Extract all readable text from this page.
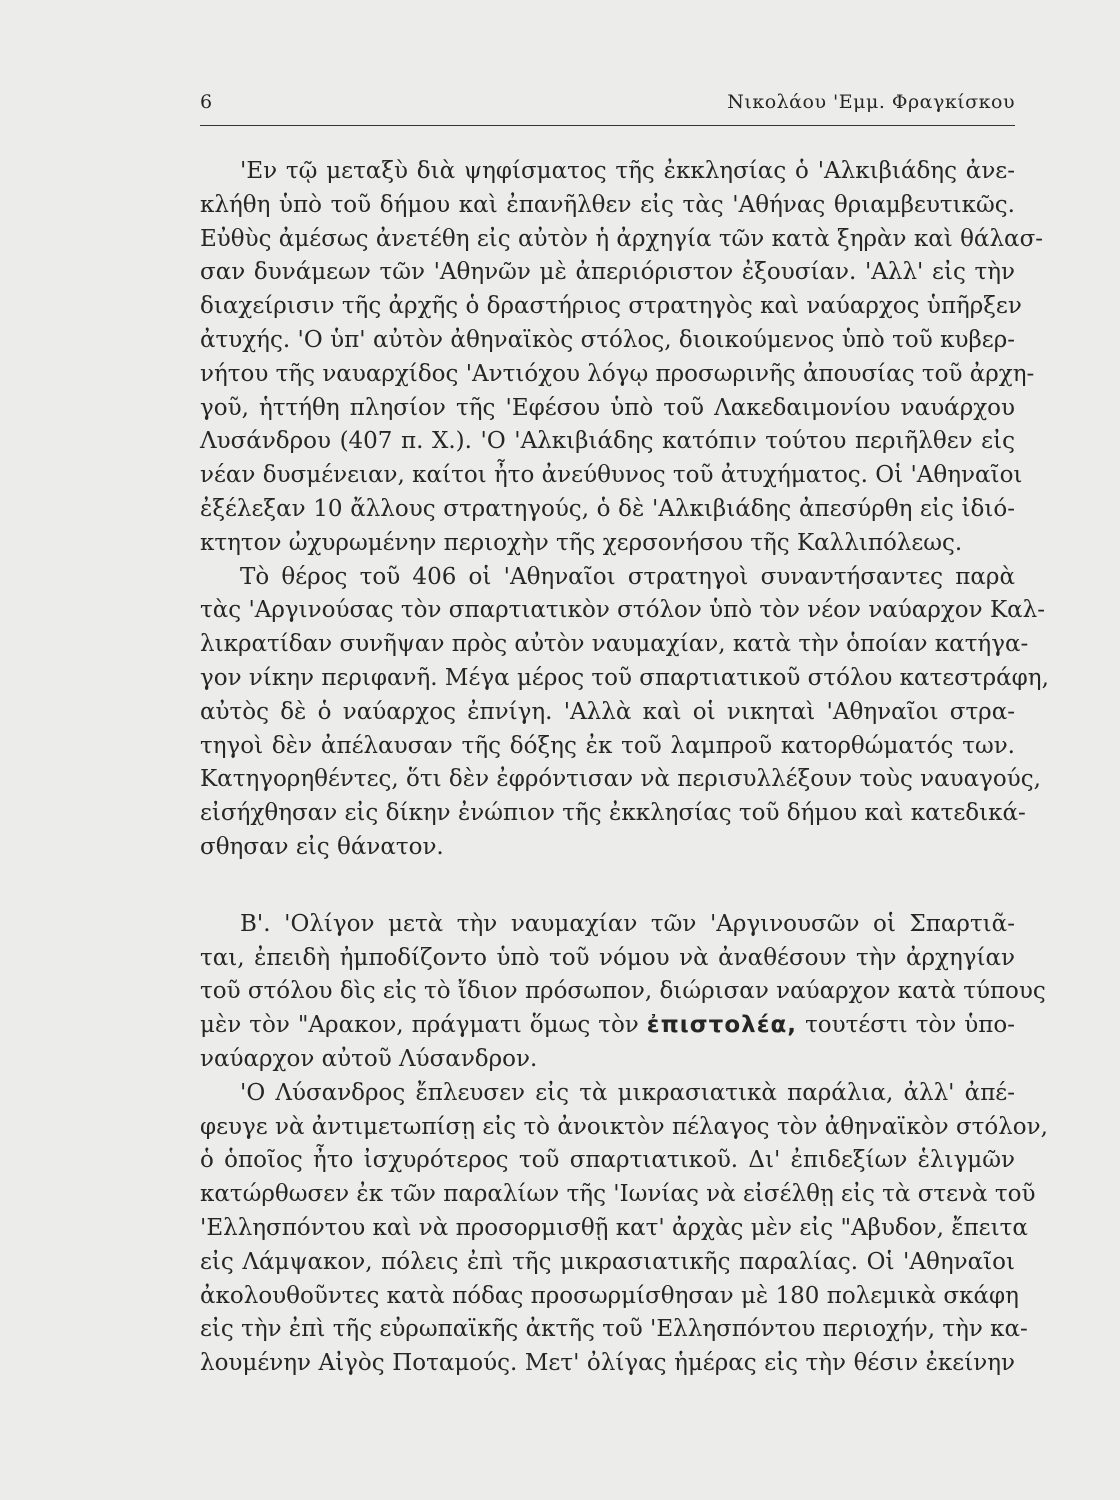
6	Νικολάου 'Εμμ. Φραγκίσκου
'Εν τῷ μεταξὺ διὰ ψηφίσματος τῆς ἐκκλησίας ὁ 'Αλκιβιάδης ἀνε-
κλήθη ὑπὸ τοῦ δήμου καὶ ἐπανῆλθεν εἰς τὰς 'Αθήνας θριαμβευτικῶς.
Εὐθὺς ἀμέσως ἀνετέθη εἰς αὐτὸν ἡ ἀρχηγία τῶν κατὰ ξηρὰν καὶ θάλασ-
σαν δυνάμεων τῶν 'Αθηνῶν μὲ ἀπεριόριστον ἐξουσίαν. 'Αλλ' εἰς τὴν
διαχείρισιν τῆς ἀρχῆς ὁ δραστήριος στρατηγὸς καὶ ναύαρχος ὑπῆρξεν
ἀτυχής. 'Ο ὑπ' αὐτὸν ἀθηναϊκὸς στόλος, διοικούμενος ὑπὸ τοῦ κυβερ-
νήτου τῆς ναυαρχίδος 'Αντιόχου λόγῳ προσωρινῆς ἀπουσίας τοῦ ἀρχη-
γοῦ, ἡττήθη πλησίον τῆς 'Εφέσου ὑπὸ τοῦ Λακεδαιμονίου ναυάρχου
Λυσάνδρου (407 π. Χ.). 'Ο 'Αλκιβιάδης κατόπιν τούτου περιῆλθεν εἰς
νέαν δυσμένειαν, καίτοι ἦτο ἀνεύθυνος τοῦ ἀτυχήματος. Οἱ 'Αθηναῖοι
ἐξέλεξαν 10 ἄλλους στρατηγούς, ὁ δὲ 'Αλκιβιάδης ἀπεσύρθη εἰς ἰδιό-
κτητον ὠχυρωμένην περιοχὴν τῆς χερσονήσου τῆς Καλλιπόλεως.
Τὸ θέρος τοῦ 406 οἱ 'Αθηναῖοι στρατηγοὶ συναντήσαντες παρὰ
τὰς 'Αργινούσας τὸν σπαρτιατικὸν στόλον ὑπὸ τὸν νέον ναύαρχον Καλ-
λικρατίδαν συνῆψαν πρὸς αὐτὸν ναυμαχίαν, κατὰ τὴν ὁποίαν κατήγα-
γον νίκην περιφανῆ. Μέγα μέρος τοῦ σπαρτιατικοῦ στόλου κατεστράφη,
αὐτὸς δὲ ὁ ναύαρχος ἐπνίγη. 'Αλλὰ καὶ οἱ νικηταὶ 'Αθηναῖοι στρα-
τηγοὶ δὲν ἀπέλαυσαν τῆς δόξης ἐκ τοῦ λαμπροῦ κατορθώματός των.
Κατηγορηθέντες, ὅτι δὲν ἐφρόντισαν νὰ περισυλλέξουν τοὺς ναυαγούς,
εἰσήχθησαν εἰς δίκην ἐνώπιον τῆς ἐκκλησίας τοῦ δήμου καὶ κατεδικά-
σθησαν εἰς θάνατον.
Β'. 'Ολίγον μετὰ τὴν ναυμαχίαν τῶν 'Αργινουσῶν οἱ Σπαρτιᾶ-
ται, ἐπειδὴ ἠμποδίζοντο ὑπὸ τοῦ νόμου νὰ ἀναθέσουν τὴν ἀρχηγίαν
τοῦ στόλου δὶς εἰς τὸ ἴδιον πρόσωπον, διώρισαν ναύαρχον κατὰ τύπους
μὲν τὸν "Αρακον, πράγματι ὅμως τὸν ἐπιστολέα, τουτέστι τὸν ὑπο-
ναύαρχον αὐτοῦ Λύσανδρον.
'Ο Λύσανδρος ἔπλευσεν εἰς τὰ μικρασιατικὰ παράλια, ἀλλ' ἀπέ-
φευγε νὰ ἀντιμετωπίσῃ εἰς τὸ ἀνοικτὸν πέλαγος τὸν ἀθηναϊκὸν στόλον,
ὁ ὁποῖος ἦτο ἰσχυρότερος τοῦ σπαρτιατικοῦ. Δι' ἐπιδεξίων ἑλιγμῶν
κατώρθωσεν ἐκ τῶν παραλίων τῆς 'Ιωνίας νὰ εἰσέλθῃ εἰς τὰ στενὰ τοῦ
'Ελλησπόντου καὶ νὰ προσορμισθῇ κατ' ἀρχὰς μὲν εἰς "Αβυδον, ἔπειτα
εἰς Λάμψακον, πόλεις ἐπὶ τῆς μικρασιατικῆς παραλίας. Οἱ 'Αθηναῖοι
ἀκολουθοῦντες κατὰ πόδας προσωρμίσθησαν μὲ 180 πολεμικὰ σκάφη
εἰς τὴν ἐπὶ τῆς εὐρωπαϊκῆς ἀκτῆς τοῦ 'Ελλησπόντου περιοχήν, τὴν κα-
λουμένην Αἰγὸς Ποταμούς. Μετ' ὀλίγας ἡμέρας εἰς τὴν θέσιν ἐκείνην
